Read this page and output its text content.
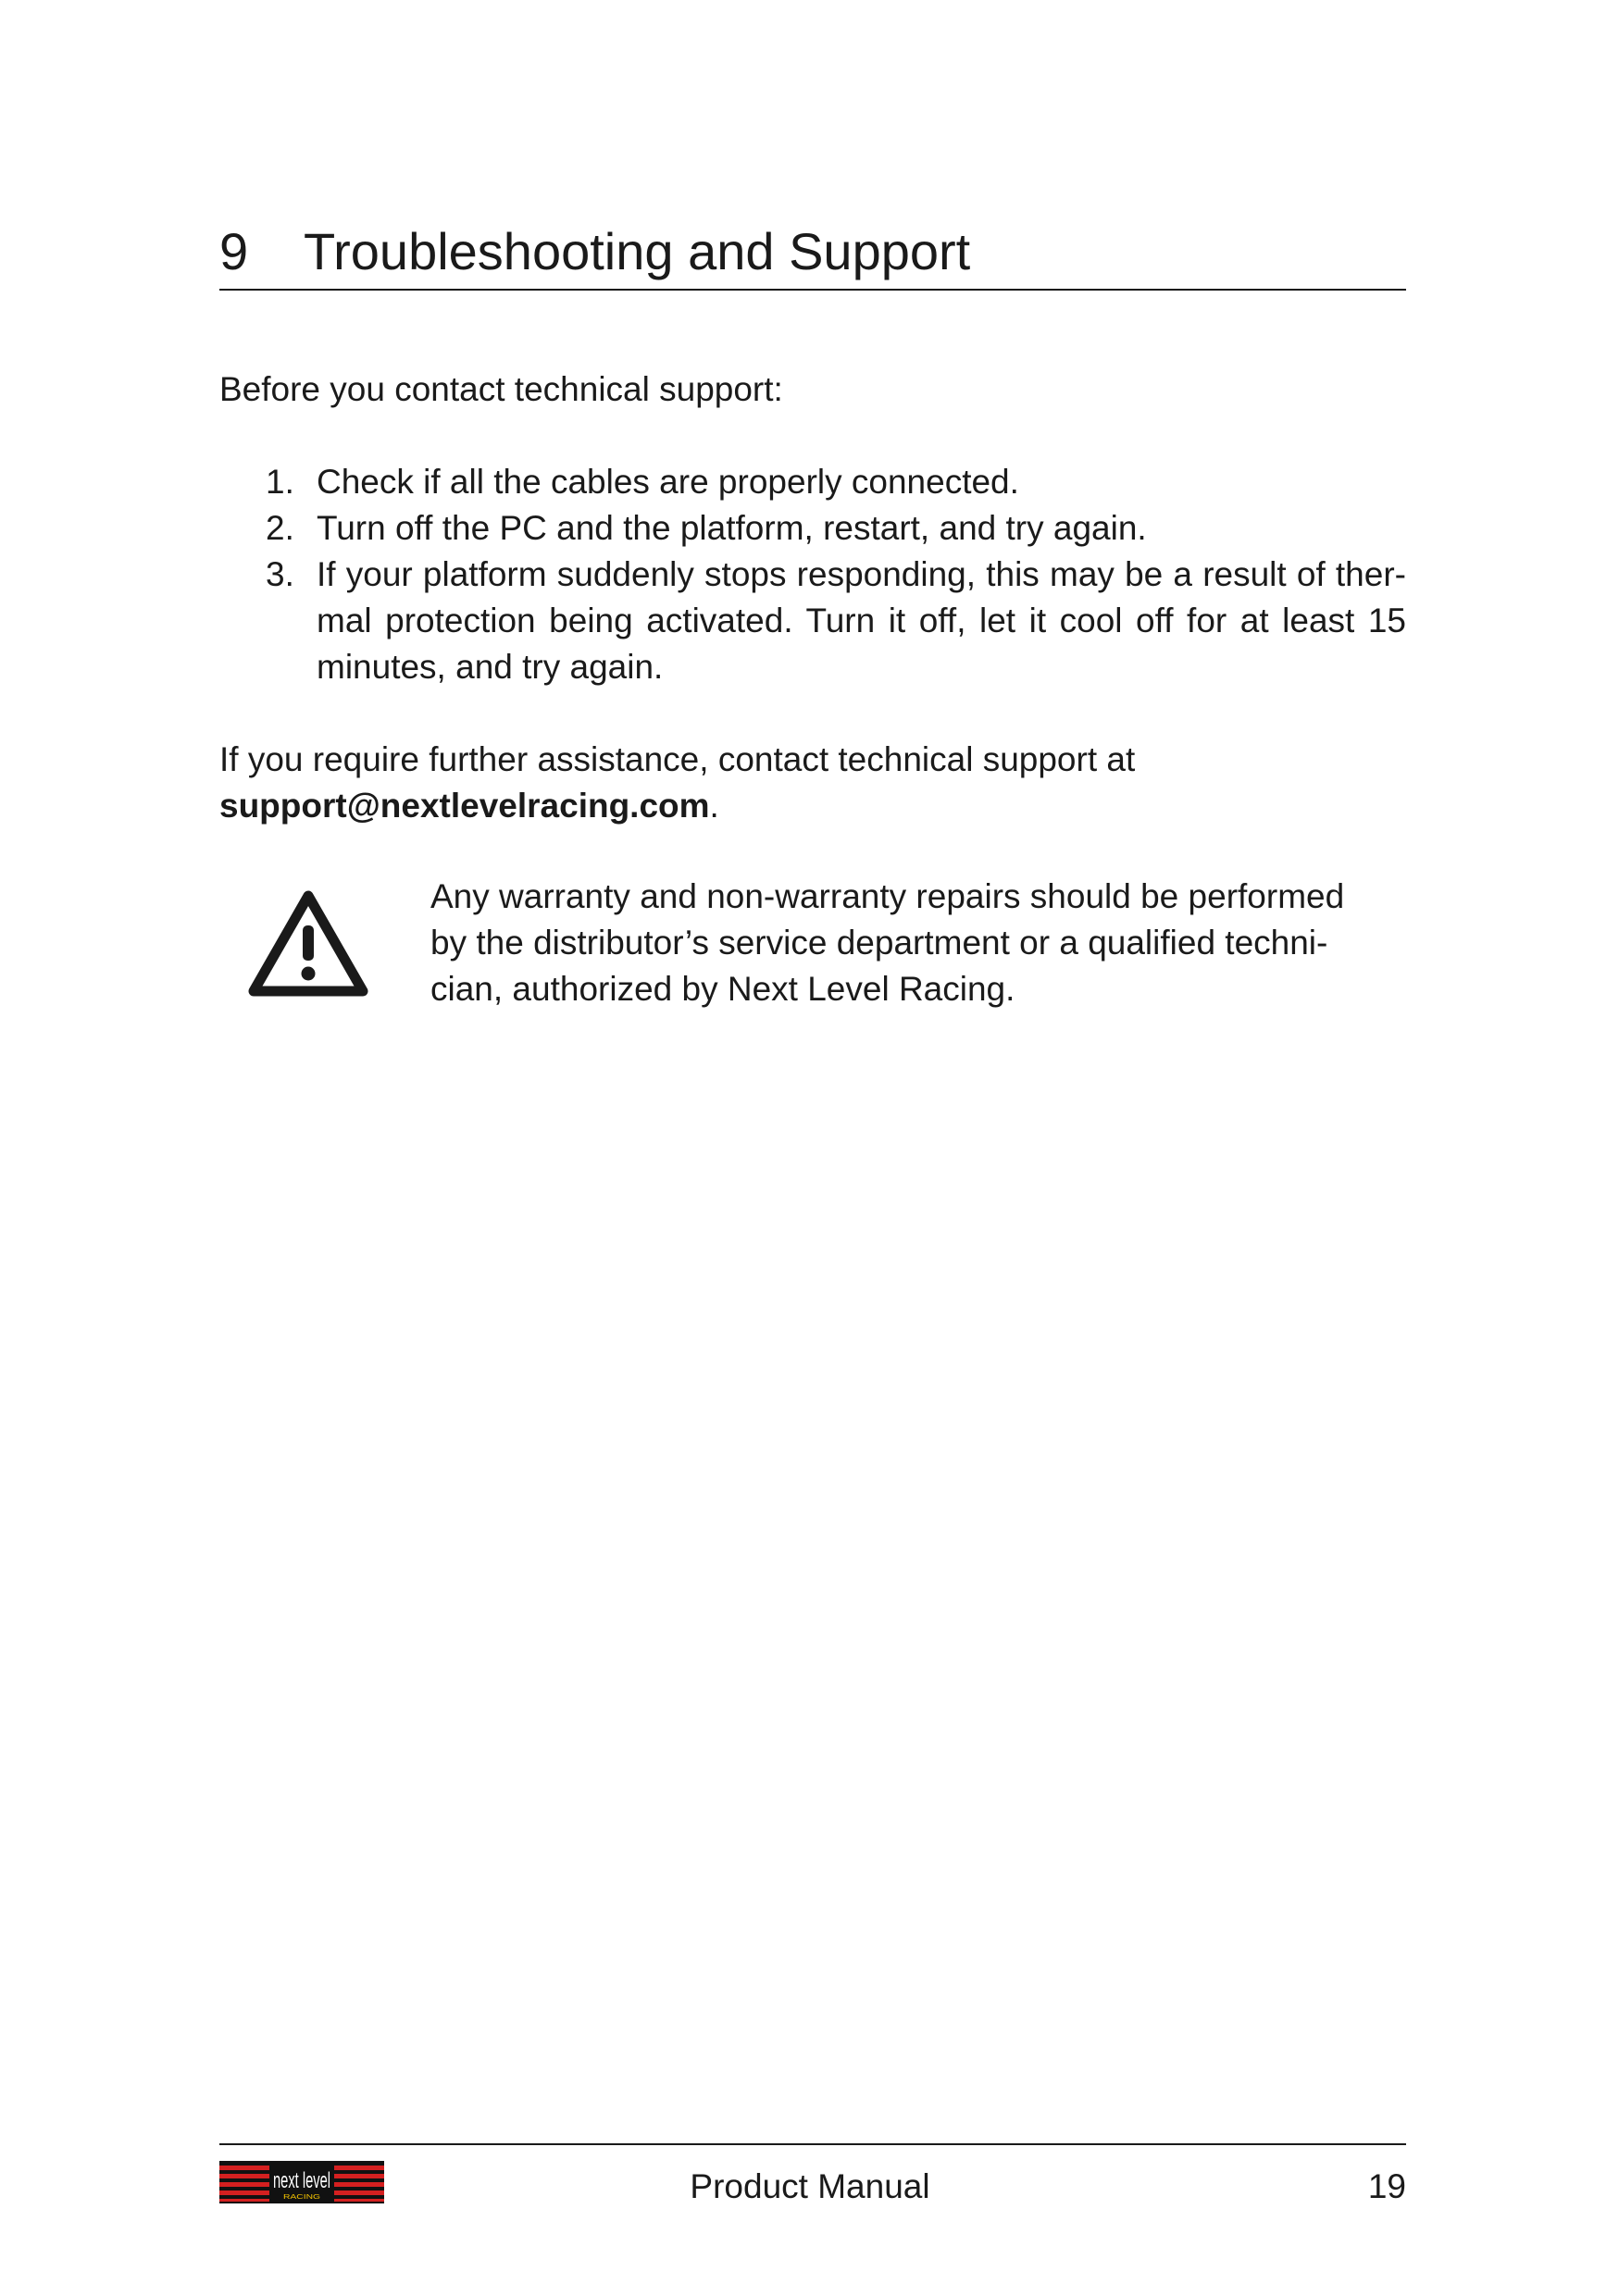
9 Troubleshooting and Support
Before you contact technical support:
1. Check if all the cables are properly connected.
2. Turn off the PC and the platform, restart, and try again.
3. If your platform suddenly stops responding, this may be a result of thermal protection being activated. Turn it off, let it cool off for at least 15 minutes, and try again.
If you require further assistance, contact technical support at
support@nextlevelracing.com.
Any warranty and non-warranty repairs should be performed by the distributor’s service department or a qualified technician, authorized by Next Level Racing.
next level
RACING	Product Manual	19
